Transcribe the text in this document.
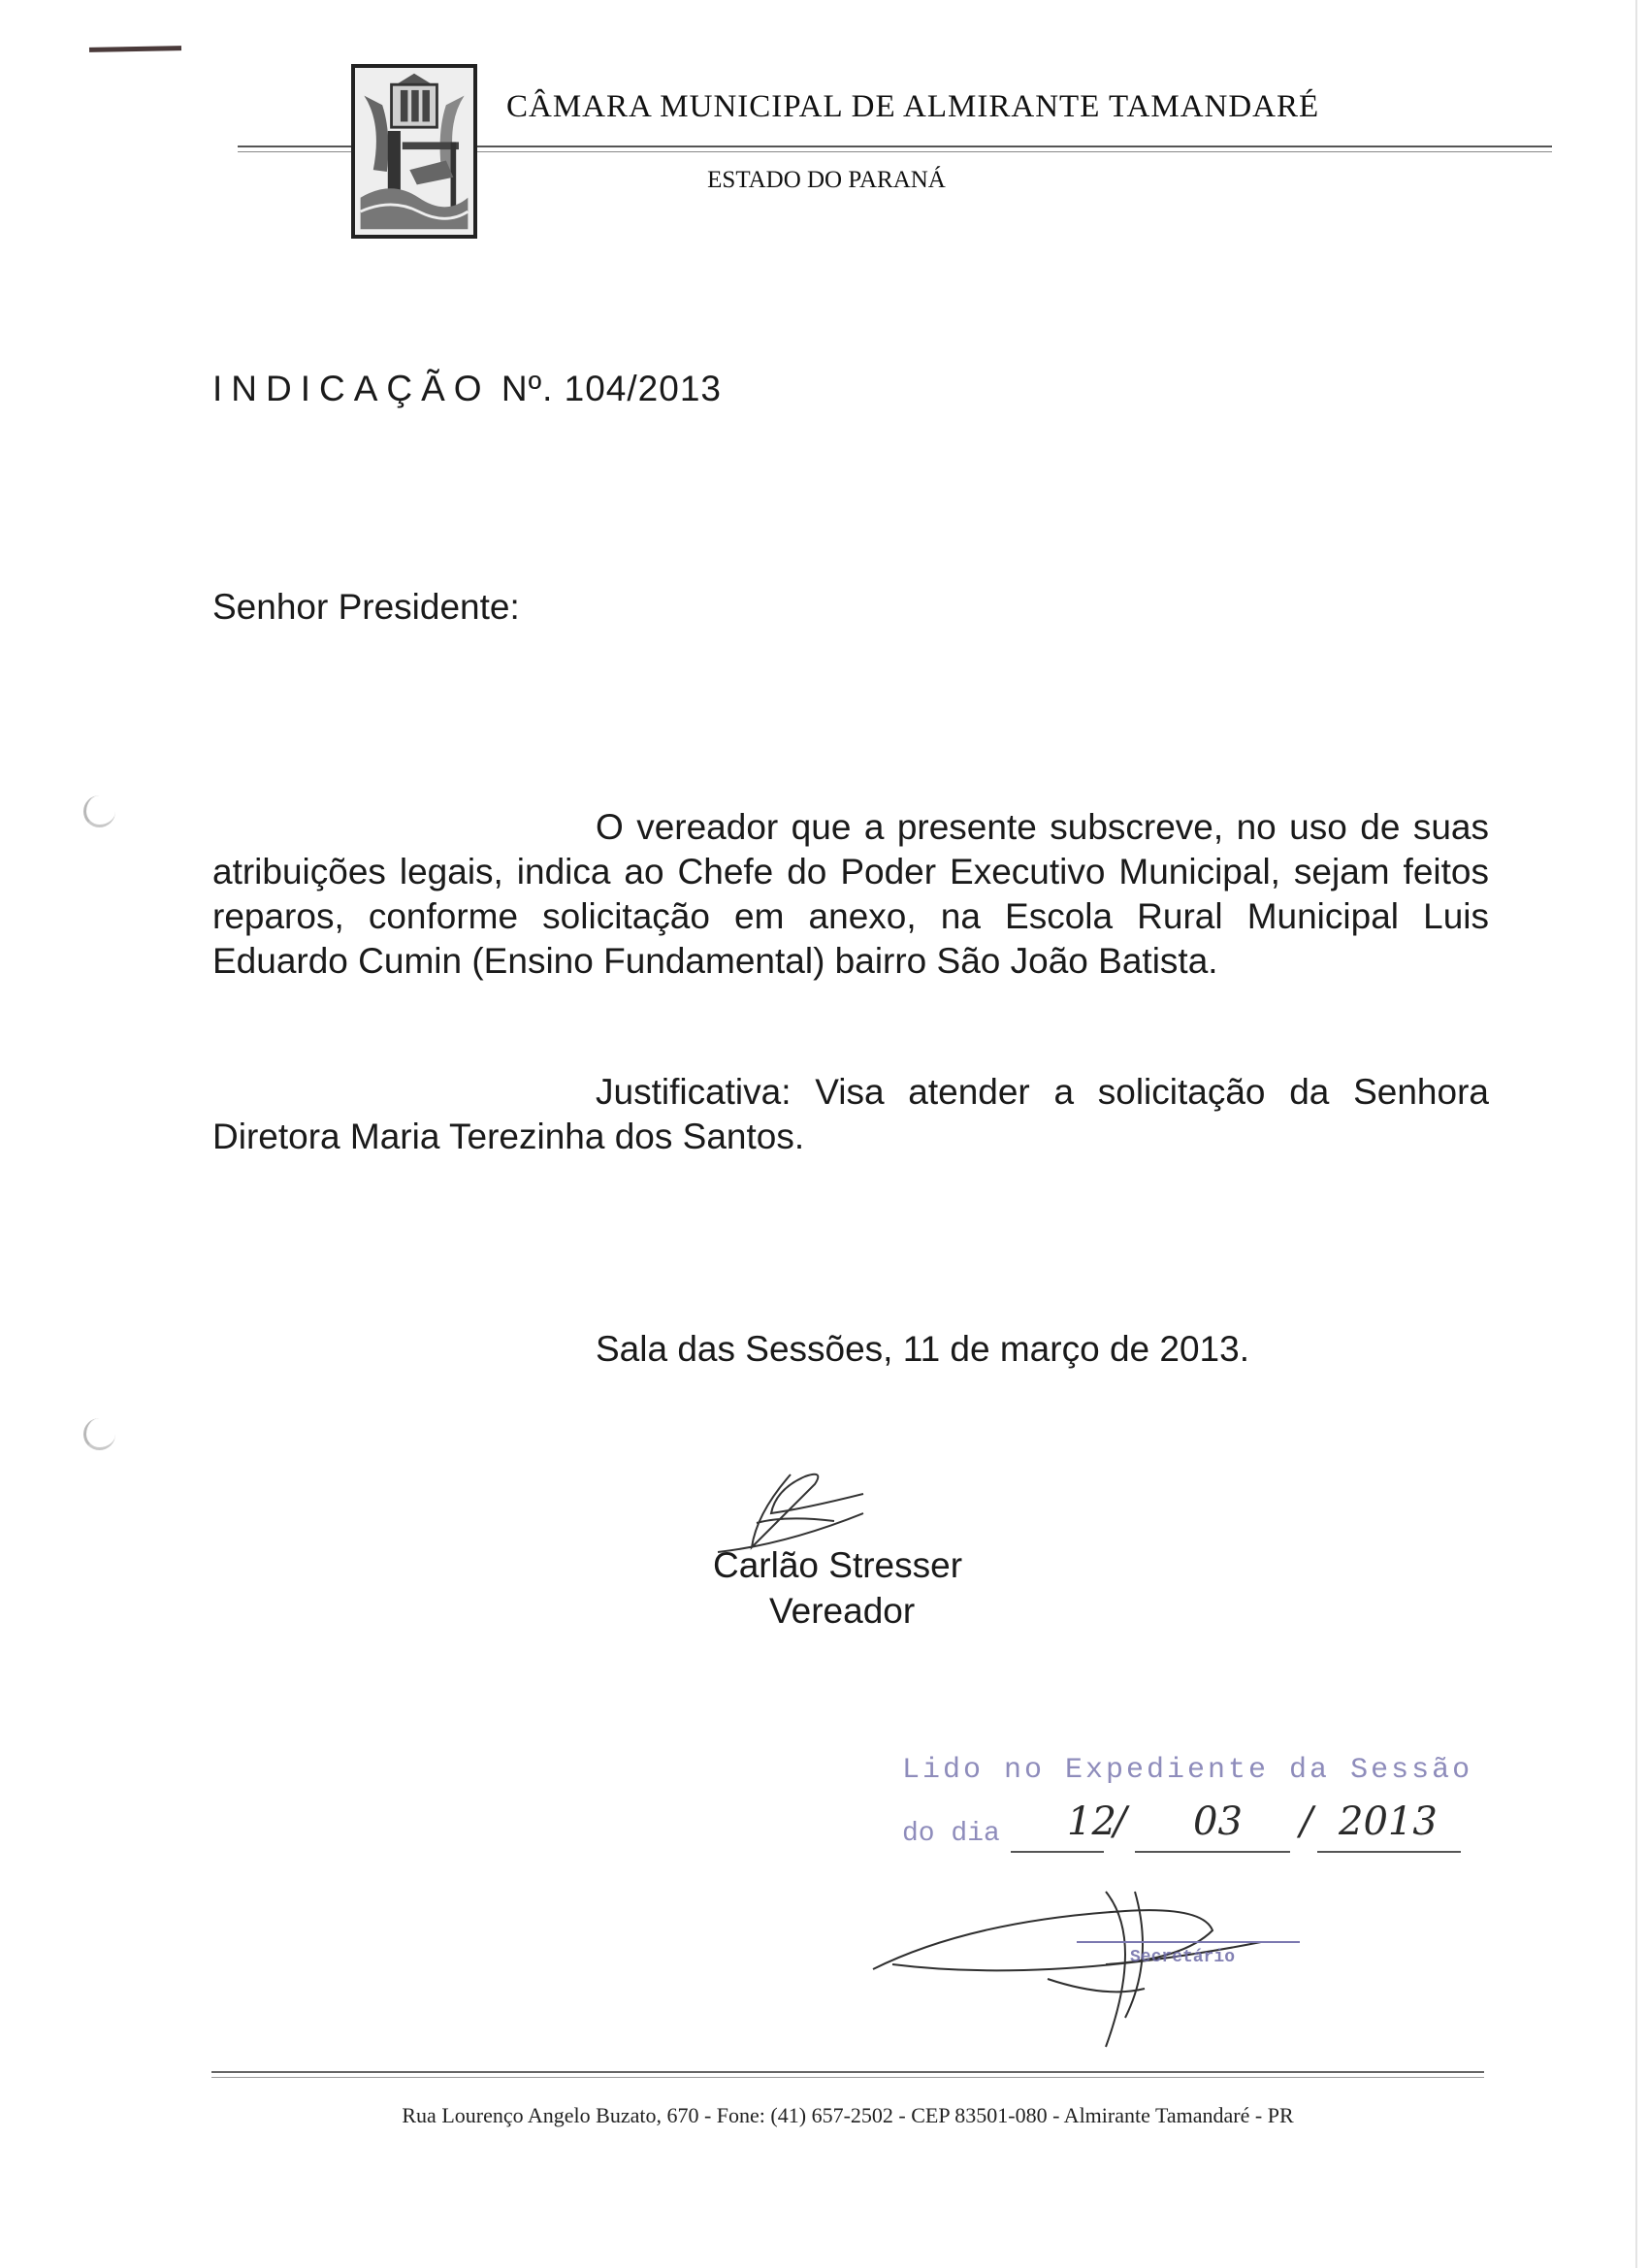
CÂMARA MUNICIPAL DE ALMIRANTE TAMANDARÉ
ESTADO DO PARANÁ
INDICAÇÃO Nº. 104/2013
Senhor Presidente:

O vereador que a presente subscreve, no uso de suas atribuições legais, indica ao Chefe do Poder Executivo Municipal, sejam feitos reparos, conforme solicitação em anexo, na Escola Rural Municipal Luis Eduardo Cumin (Ensino Fundamental) bairro São João Batista.

Justificativa: Visa atender a solicitação da Senhora Diretora Maria Terezinha dos Santos.

Sala das Sessões, 11 de março de 2013.
Carlão Stresser
Vereador
Lido no Expediente da Sessão
do dia 12
/ 03 / 2013
Secretário
Rua Lourenço Angelo Buzato, 670 - Fone: (41) 657-2502 - CEP 83501-080 - Almirante Tamandaré - PR
